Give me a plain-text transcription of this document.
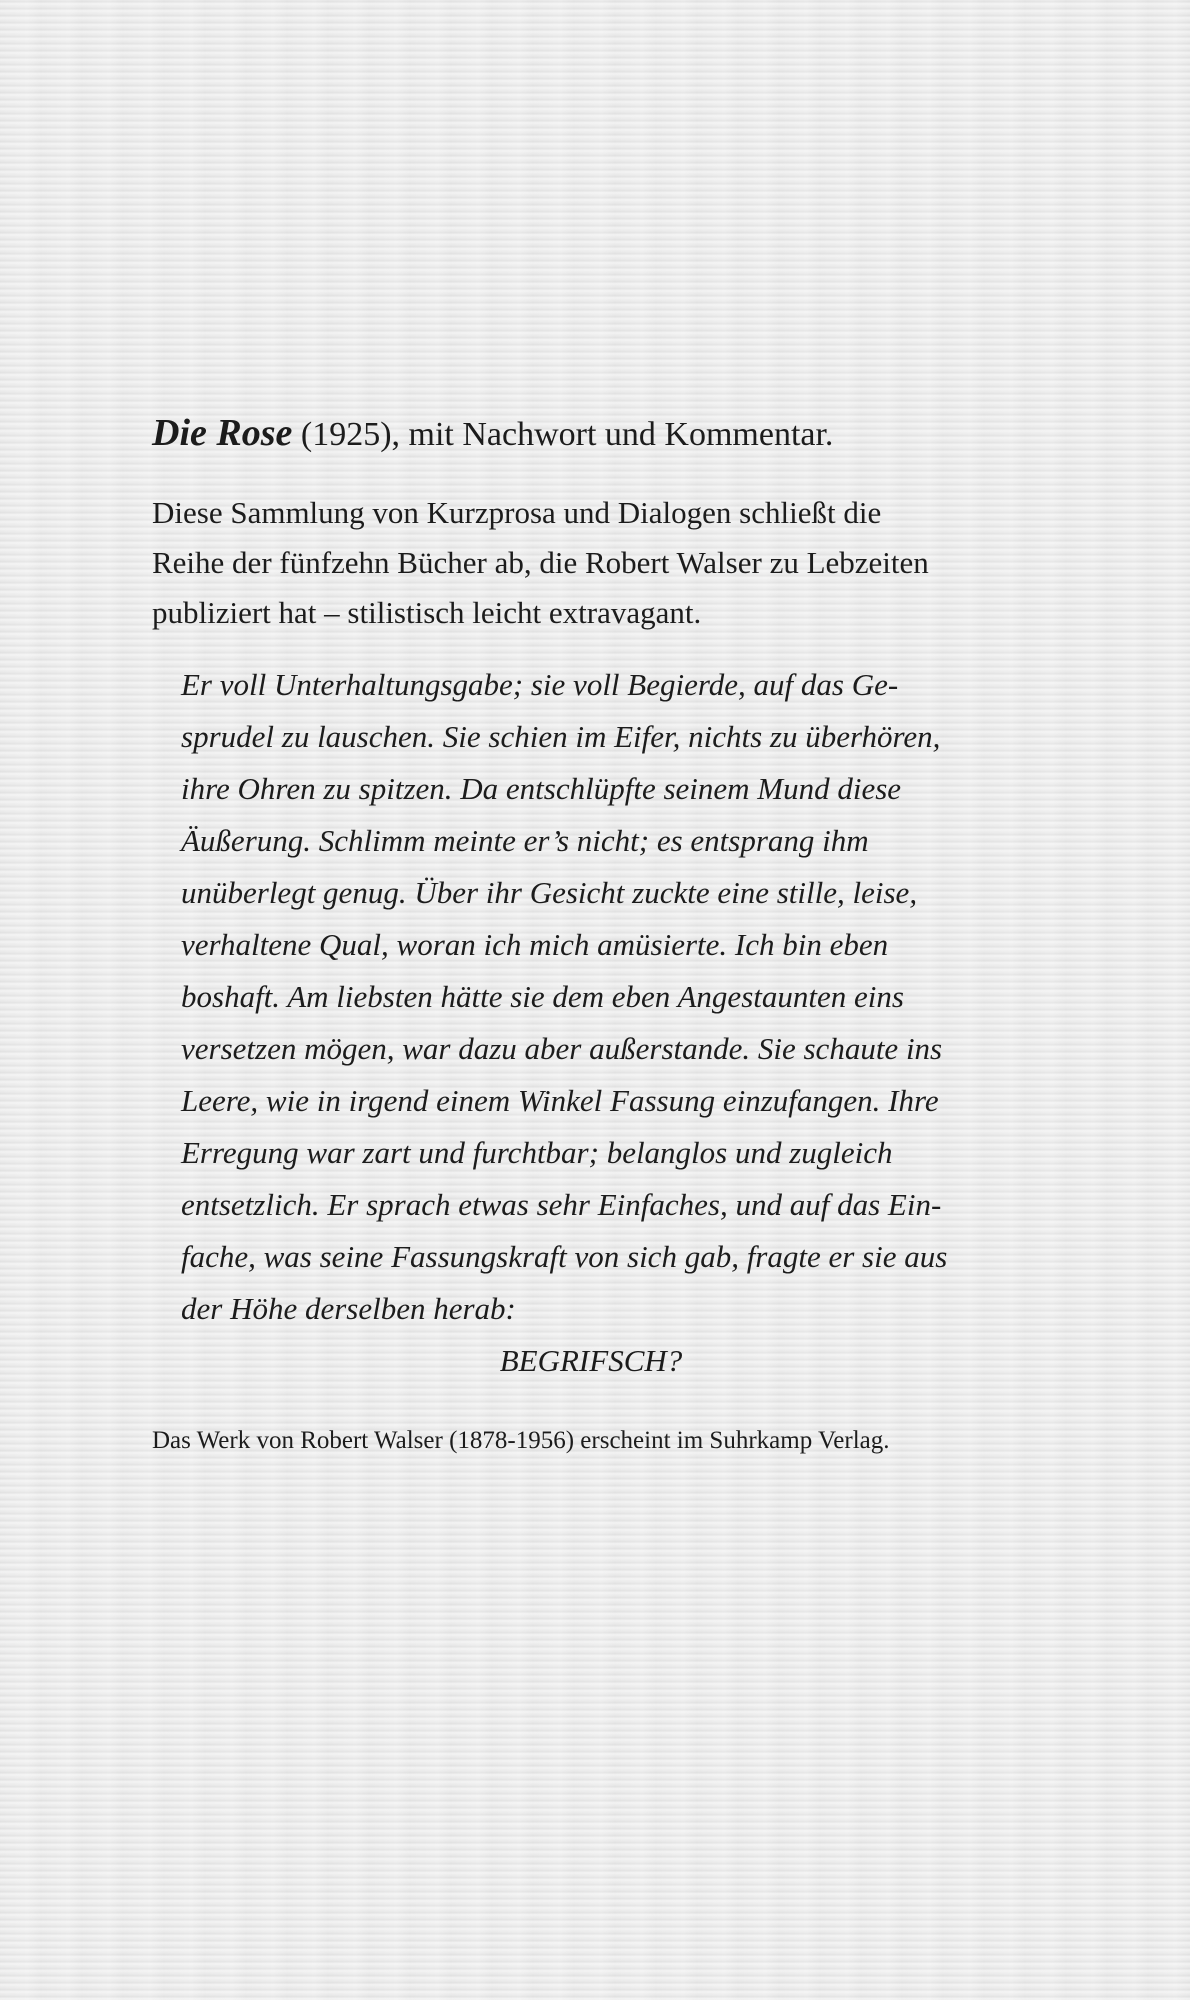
Die Rose (1925), mit Nachwort und Kommentar.
Diese Sammlung von Kurzprosa und Dialogen schließt die
Reihe der fünfzehn Bücher ab, die Robert Walser zu Lebzeiten
publiziert hat – stilistisch leicht extravagant.
Er voll Unterhaltungsgabe; sie voll Begierde, auf das Ge-
sprudel zu lauschen. Sie schien im Eifer, nichts zu überhören,
ihre Ohren zu spitzen. Da entschlüpfte seinem Mund diese
Äußerung. Schlimm meinte er’s nicht; es entsprang ihm
unüberlegt genug. Über ihr Gesicht zuckte eine stille, leise,
verhaltene Qual, woran ich mich amüsierte. Ich bin eben
boshaft. Am liebsten hätte sie dem eben Angestaunten eins
versetzen mögen, war dazu aber außerstande. Sie schaute ins
Leere, wie in irgend einem Winkel Fassung einzufangen. Ihre
Erregung war zart und furchtbar; belanglos und zugleich
entsetzlich. Er sprach etwas sehr Einfaches, und auf das Ein-
fache, was seine Fassungskraft von sich gab, fragte er sie aus
der Höhe derselben herab:
BEGRIFSCH?
Das Werk von Robert Walser (1878-1956) erscheint im Suhrkamp Verlag.
